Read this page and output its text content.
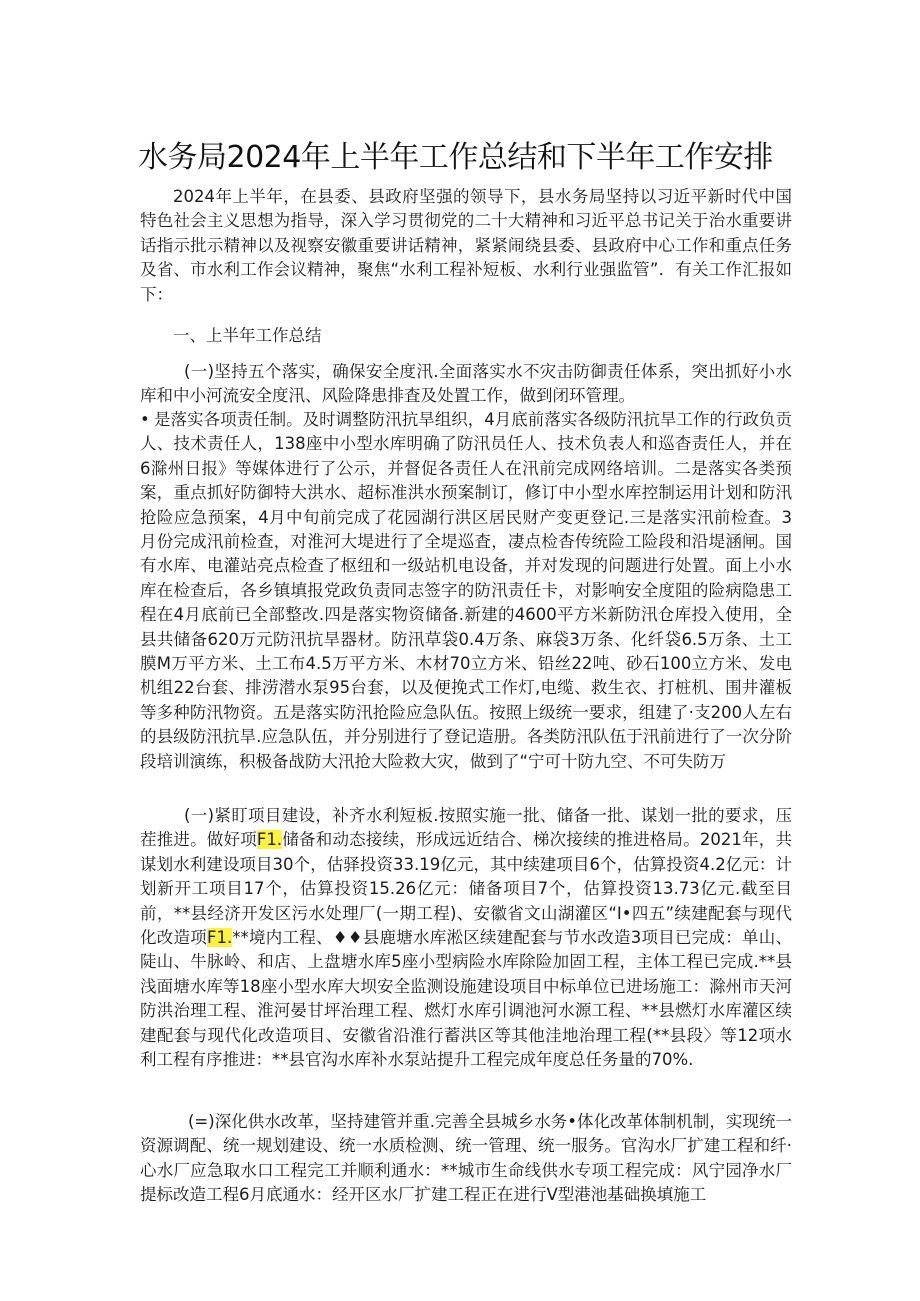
水务局2024年上半年工作总结和下半年工作安排
2024年上半年，在县委、县政府坚强的领导下，县水务局坚持以习近平新时代中国特色社会主义思想为指导，深入学习贯彻党的二十大精神和习近平总书记关于治水重要讲话指示批示精神以及视察安徽重要讲话精神，紧紧闹绕县委、县政府中心工作和重点任务及省、市水利工作会议精神，聚焦“水利工程补短板、水利行业强监管”．有关工作汇报如下：
一、上半年工作总结
(一)坚持五个落实，确保安全度汛.全面落实水不灾击防御责任体系，突出抓好小水库和中小河流安全度汛、风险降患排査及处置工作，做到闭环管理。
• 是落实各项责任制。及时调整防汛抗旱组织，4月底前落实各级防汛抗旱工作的行政负贡人、技术责任人，138座中小型水库明确了防汛员任人、技术负表人和巡杳责任人，并在6滁州日报》等媒体进行了公示，并督促各责任人在汛前完成网络培训。二是落实各类预案，重点抓好防御特大洪水、超标准洪水预案制订，修订中小型水库控制运用计划和防汛抢险应急预案，4月中旬前完成了花园湖行洪区居民财产变更登记.三是落实汛前检查。3月份完成汛前检查，对淮河大堤进行了全堤巡査，凄点检杳传统险工险段和沿堤涵闸。国有水库、电灌站亮点检查了枢纽和一级站机电设备，并对发现的问题进行处置。面上小水库在检查后，各乡镇填报党政负责同志签字的防汛责任卡，对影响安全度阻的险病隐患工程在4月底前已全部整改.四是落实物资储备.新建的4600平方米新防汛仓库投入使用，全县共储备620万元防汛抗旱器材。防汛草袋0.4万条、麻袋3万条、化纤袋6.5万条、土工膜M万平方米、土工布4.5万平方米、木材70立方米、铅丝22吨、砂石100立方米、发电机组22台套、排涝潜水泵95台套，以及便挽式工作灯,电缆、救生衣、打桩机、围井灌板等多种防汛物资。五是落实防汛抢险应急队伍。按照上级统一要求，组建了·支200人左右的县级防汛抗旱.应急队伍，并分别进行了登记造册。各类防汛队伍于汛前进行了一次分阶段培训演练，积极备战防大汛抢大险救大灾，做到了“宁可十防九空、不可失防万
(一)紧盯项目建设，补齐水利短板.按照实施一批、储备一批、谋划一批的要求，压茬推进。做好项F1.储备和动态接续，形成远近结合、梯次接续的推进格局。2021年，共谋划水利建设项目30个，估驿投资33.19亿元，其中续建项目6个，估算投资4.2亿元：计划新开工项目17个，估算投资15.26亿元：储备项目7个，估算投资13.73亿元.截至目前，**县经济开发区污水处理厂(一期工程)、安徽省文山湖灌区“I•四五”续建配套与现代化改造项F1.**境内工程、♦♦县鹿塘水库淞区续建配套与节水改造3项目已完成：单山、陡山、牛脉岭、和店、上盘塘水库5座小型病险水库除险加固工程，主体工程已完成.**县浅面塘水库等18座小型水库大坝安全监测设施建设项目中标单位已进场施工：滁州市天河防洪治理工程、淮河晏甘坪治理工程、燃灯水库引调池河水源工程、**县燃灯水库灌区续建配套与现代化改造项目、安徽省沿淮行蓄洪区等其他洼地治理工程(**县段〉等12项水利工程有序推进：**县官沟水库补水泵站提升工程完成年度总任务量的70%.
(=)深化供水改革，坚持建管并重.完善全县城乡水务•体化改革体制机制，实现统一资源调配、统一规划建设、统一水质检测、统一管理、统一服务。官沟水厂扩建工程和纤·心水厂应急取水口工程完工并顺利通水：**城市生命线供水专项工程完成：风宁园净水厂提标改造工程6月底通水：经开区水厂扩建工程正在进行V型港池基础换填施工
